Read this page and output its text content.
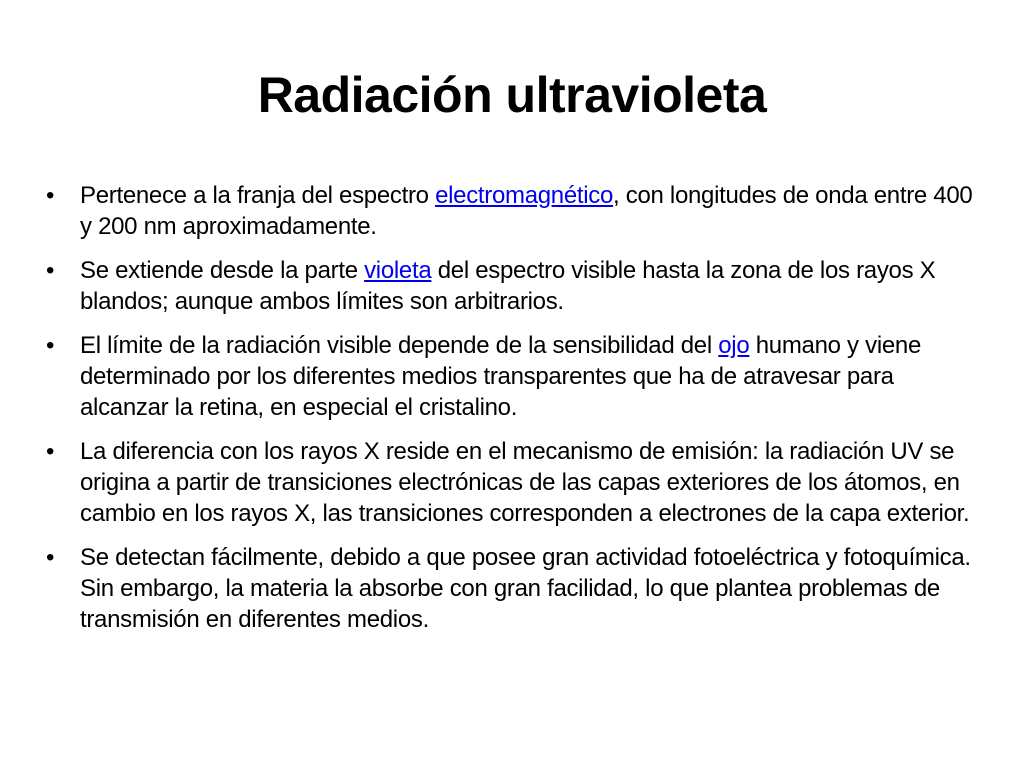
Radiación ultravioleta
•	Pertenece a la franja del espectro electromagnético, con longitudes de onda entre 400 y 200 nm aproximadamente.
•	Se extiende desde la parte violeta del espectro visible hasta la zona de los rayos X blandos; aunque ambos límites son arbitrarios.
•	El límite de la radiación visible depende de la sensibilidad del ojo humano y viene determinado por los diferentes medios transparentes que ha de atravesar para alcanzar la retina, en especial el cristalino.
•	La diferencia con los rayos X reside en el mecanismo de emisión: la radiación UV se origina a partir de transiciones electrónicas de las capas exteriores de los átomos, en cambio en los rayos X, las transiciones corresponden a electrones de la capa exterior.
•	Se detectan fácilmente, debido a que posee gran actividad fotoeléctrica y fotoquímica. Sin embargo, la materia la absorbe con gran facilidad, lo que plantea problemas de transmisión en diferentes medios.
